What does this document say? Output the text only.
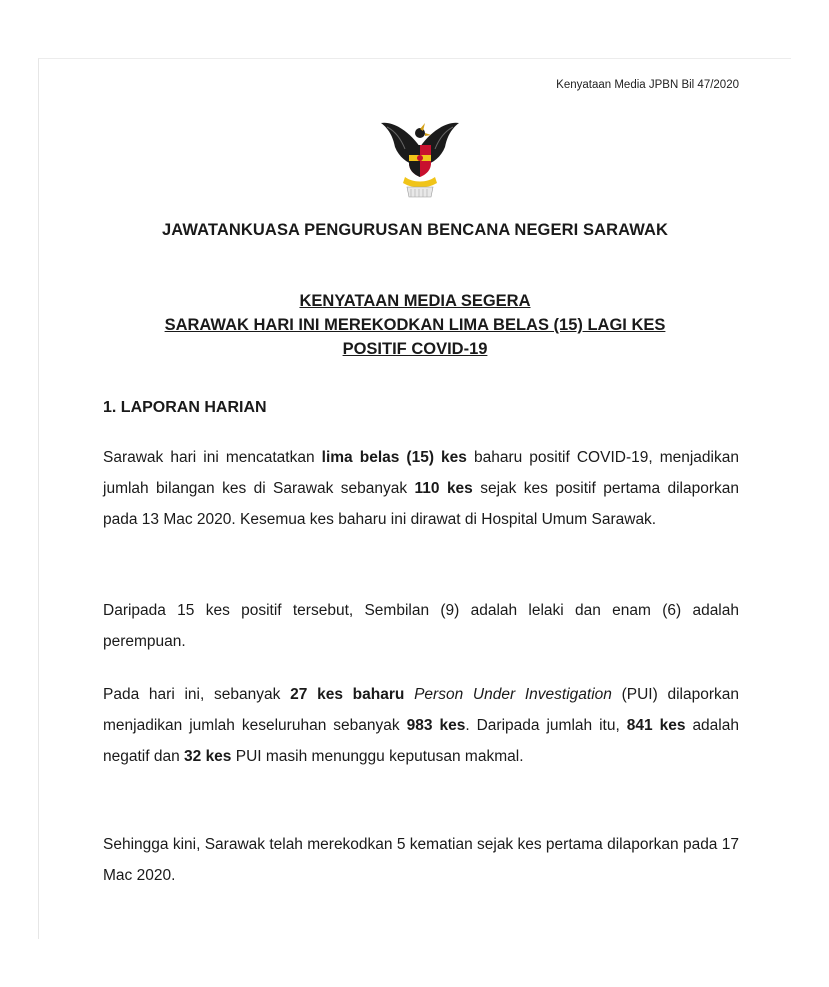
Kenyataan Media JPBN Bil 47/2020
JAWATANKUASA PENGURUSAN BENCANA NEGERI SARAWAK
KENYATAAN MEDIA SEGERA
SARAWAK HARI INI MEREKODKAN LIMA BELAS (15) LAGI KES
POSITIF COVID-19
1. LAPORAN HARIAN

Sarawak hari ini mencatatkan lima belas (15) kes baharu positif COVID-19, menjadikan jumlah bilangan kes di Sarawak sebanyak 110 kes sejak kes positif pertama dilaporkan pada 13 Mac 2020. Kesemua kes baharu ini dirawat di Hospital Umum Sarawak.

Daripada 15 kes positif tersebut, Sembilan (9) adalah lelaki dan enam (6) adalah perempuan.

Pada hari ini, sebanyak 27 kes baharu Person Under Investigation (PUI) dilaporkan menjadikan jumlah keseluruhan sebanyak 983 kes. Daripada jumlah itu, 841 kes adalah negatif dan 32 kes PUI masih menunggu keputusan makmal.

Sehingga kini, Sarawak telah merekodkan 5 kematian sejak kes pertama dilaporkan pada 17 Mac 2020.
